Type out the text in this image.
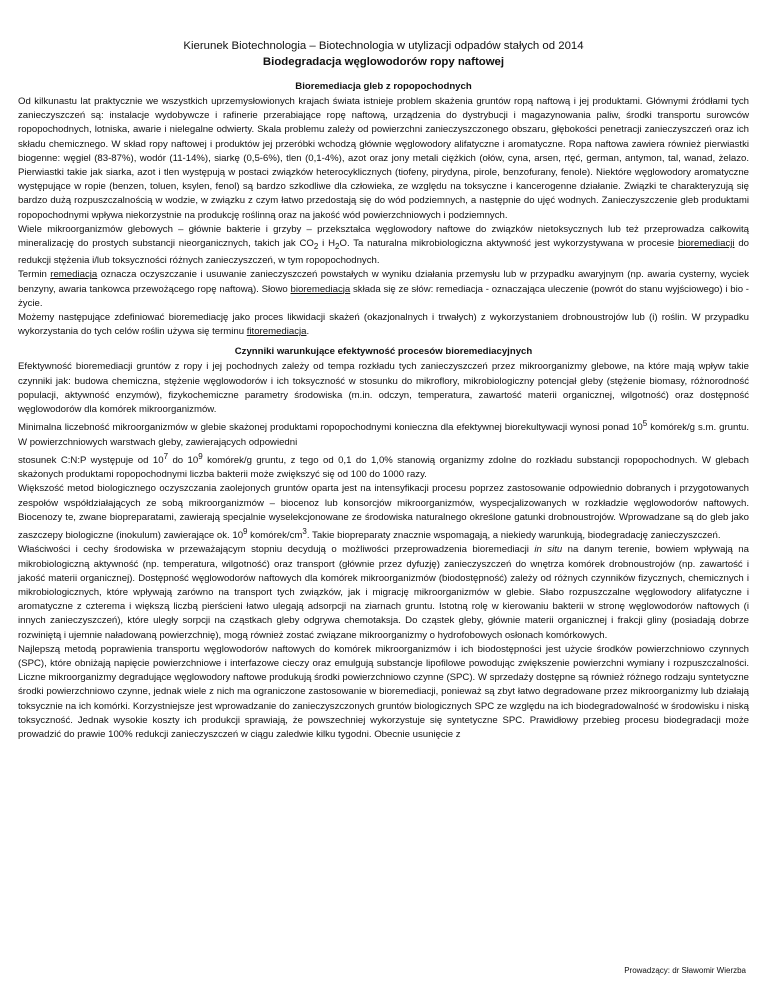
Kierunek Biotechnologia – Biotechnologia w utylizacji odpadów stałych od 2014
Biodegradacja węglowodorów ropy naftowej
Bioremediacja gleb z ropopochodnych

Od kilkunastu lat praktycznie we wszystkich uprzemysłowionych krajach świata istnieje problem skażenia gruntów ropą naftową i jej produktami. Głównymi źródłami tych zanieczyszczeń są: instalacje wydobywcze i rafinerie przerabiające ropę naftową, urządzenia do dystrybucji i magazynowania paliw, środki transportu surowców ropopochodnych, lotniska, awarie i nielegalne odwierty. Skala problemu zależy od powierzchni zanieczyszczonego obszaru, głębokości penetracji zanieczyszczeń oraz ich składu chemicznego. W skład ropy naftowej i produktów jej przeróbki wchodzą głównie węglowodory alifatyczne i aromatyczne. Ropa naftowa zawiera również pierwiastki biogenne: węgiel (83-87%), wodór (11-14%), siarkę (0,5-6%), tlen (0,1-4%), azot oraz jony metali ciężkich (ołów, cyna, arsen, rtęć, german, antymon, tal, wanad, żelazo. Pierwiastki takie jak siarka, azot i tlen występują w postaci związków heterocyklicznych (tiofeny, pirydyna, pirole, benzofurany, fenole). Niektóre węglowodory aromatyczne występujące w ropie (benzen, toluen, ksylen, fenol) są bardzo szkodliwe dla człowieka, ze względu na toksyczne i kancerogenne działanie. Związki te charakteryzują się bardzo dużą rozpuszczalnością w wodzie, w związku z czym łatwo przedostają się do wód podziemnych, a następnie do ujęć wodnych. Zanieczyszczenie gleb produktami ropopochodnymi wpływa niekorzystnie na produkcję roślinną oraz na jakość wód powierzchniowych i podziemnych.

Wiele mikroorganizmów glebowych – głównie bakterie i grzyby – przekształca węglowodory naftowe do związków nietoksycznych lub też przeprowadza całkowitą mineralizację do prostych substancji nieorganicznych, takich jak $CO_2$ i $H_2O$. Ta naturalna mikrobiologiczna aktywność jest wykorzystywana w procesie bioremediacji do redukcji stężenia i/lub toksyczności różnych zanieczyszczeń, w tym ropopochodnych.

Termin remediacja oznacza oczyszczanie i usuwanie zanieczyszczeń powstałych w wyniku działania przemysłu lub w przypadku awaryjnym (np. awaria cysterny, wyciek benzyny, awaria tankowca przewożącego ropę naftową). Słowo bioremediacja składa się ze słów: remediacja - oznaczająca uleczenie (powrót do stanu wyjściowego) i bio - życie.

Możemy następujące zdefiniować bioremediację jako proces likwidacji skażeń (okazjonalnych i trwałych) z wykorzystaniem drobnoustrojów lub (i) roślin. W przypadku wykorzystania do tych celów roślin używa się terminu fitoremediacja.

Czynniki warunkujące efektywność procesów bioremediacyjnych

Efektywność bioremediacji gruntów z ropy i jej pochodnych zależy od tempa rozkładu tych zanieczyszczeń przez mikroorganizmy glebowe, na które mają wpływ takie czynniki jak: budowa chemiczna, stężenie węglowodorów i ich toksyczność w stosunku do mikroflory, mikrobiologiczny potencjał gleby (stężenie biomasy, różnorodność populacji, aktywność enzymów), fizykochemiczne parametry środowiska (m.in. odczyn, temperatura, zawartość materii organicznej, wilgotność) oraz dostępność węglowodorów dla komórek mikroorganizmów.

Minimalna liczebność mikroorganizmów w glebie skażonej produktami ropopochodnymi konieczna dla efektywnej biorekultywacji wynosi ponad $10^5$ komórek/g s.m. gruntu. W powierzchniowych warstwach gleby, zawierających odpowiedni

stosunek C:N:P występuje od $10^7$ do $10^9$ komórek/g gruntu, z tego od 0,1 do 1,0% stanowią organizmy zdolne do rozkładu substancji ropopochodnych. W glebach skażonych produktami ropopochodnymi liczba bakterii może zwiększyć się od 100 do 1000 razy.

Większość metod biologicznego oczyszczania zaolejonych gruntów oparta jest na intensyfikacji procesu poprzez zastosowanie odpowiednio dobranych i przygotowanych zespołów współdziałających ze sobą mikroorganizmów – biocenoz lub konsorcjów mikroorganizmów, wyspecjalizowanych w rozkładzie węglowodorów naftowych. Biocenozy te, zwane biopreparatami, zawierają specjalnie wyselekcjonowane ze środowiska naturalnego określone gatunki drobnoustrojów. Wprowadzane są do gleb jako zaszczepy biologiczne (inokulum) zawierające ok. $10^9$ komórek/$cm^3$. Takie biopreparaty znacznie wspomagają, a niekiedy warunkują, biodegradację zanieczyszczeń.

Właściwości i cechy środowiska w przeważającym stopniu decydują o możliwości przeprowadzenia bioremediacji in situ na danym terenie, bowiem wpływają na mikrobiologiczną aktywność (np. temperatura, wilgotność) oraz transport (głównie przez dyfuzję) zanieczyszczeń do wnętrza komórek drobnoustrojów (np. zawartość i jakość materii organicznej). Dostępność węglowodorów naftowych dla komórek mikroorganizmów (biodostępność) zależy od różnych czynników fizycznych, chemicznych i mikrobiologicznych, które wpływają zarówno na transport tych związków, jak i migrację mikroorganizmów w glebie. Słabo rozpuszczalne węglowodory alifatyczne i aromatyczne z czterema i większą liczbą pierścieni łatwo ulegają adsorpcji na ziarnach gruntu. Istotną rolę w kierowaniu bakterii w stronę węglowodorów naftowych (i innych zanieczyszczeń), które uległy sorpcji na cząstkach gleby odgrywa chemotaksja. Do cząstek gleby, głównie materii organicznej i frakcji gliny (posiadają dobrze rozwiniętą i ujemnie naładowaną powierzchnię), mogą również zostać związane mikroorganizmy o hydrofobowych osłonach komórkowych.

Najlepszą metodą poprawienia transportu węglowodorów naftowych do komórek mikroorganizmów i ich biodostępności jest użycie środków powierzchniowo czynnych (SPC), które obniżają napięcie powierzchniowe i interfazowe cieczy oraz emulgują substancje lipofilowe powodując zwiększenie powierzchni wymiany i rozpuszczalności. Liczne mikroorganizmy degradujące węglowodory naftowe produkują środki powierzchniowo czynne (SPC). W sprzedaży dostępne są również różnego rodzaju syntetyczne środki powierzchniowo czynne, jednak wiele z nich ma ograniczone zastosowanie w bioremediacji, ponieważ są zbyt łatwo degradowane przez mikroorganizmy lub działają toksycznie na ich komórki. Korzystniejsze jest wprowadzanie do zanieczyszczonych gruntów biologicznych SPC ze względu na ich biodegradowalność w środowisku i niską toksyczność. Jednak wysokie koszty ich produkcji sprawiają, że powszechniej wykorzystuje się syntetyczne SPC. Prawidłowy przebieg procesu biodegradacji może prowadzić do prawie 100% redukcji zanieczyszczeń w ciągu zaledwie kilku tygodni. Obecnie usunięcie z

Prowadzący: dr Sławomir Wierzba
